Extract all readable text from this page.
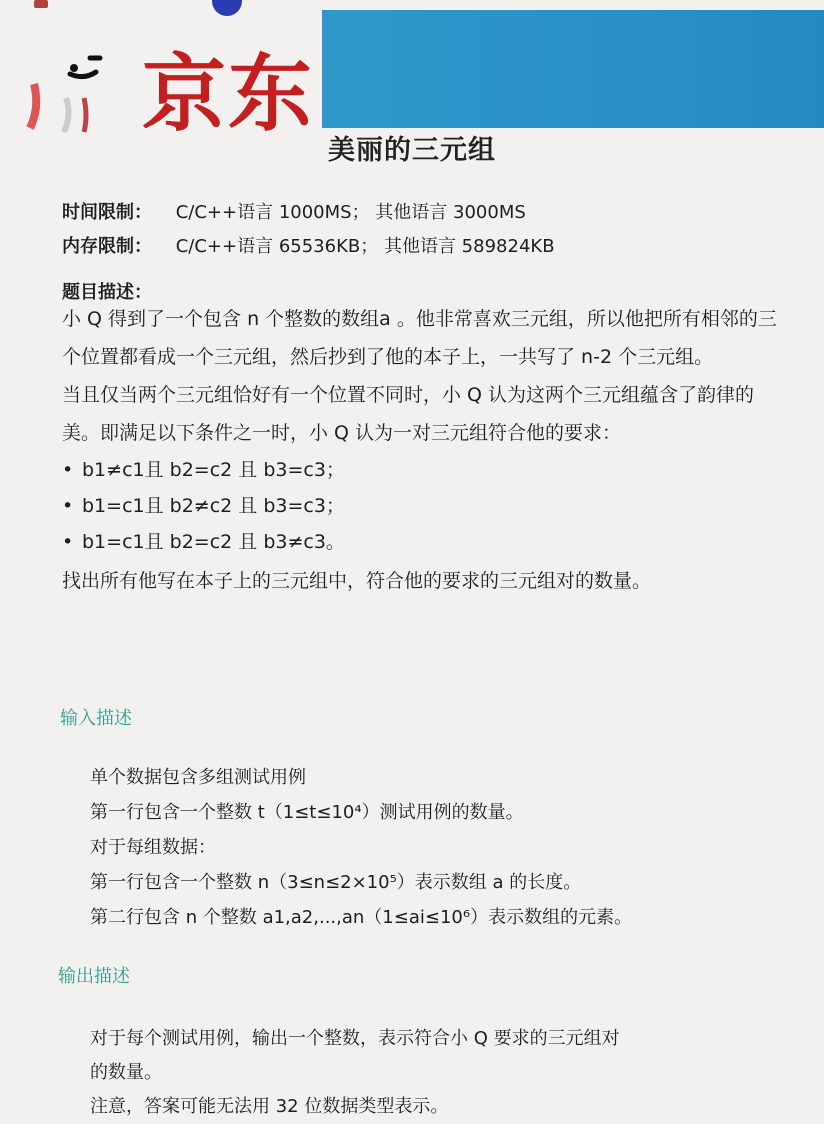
京东
美丽的三元组
时间限制： C/C++语言 1000MS； 其他语言 3000MS
内存限制： C/C++语言 65536KB； 其他语言 589824KB
题目描述：

小 Q 得到了一个包含 n 个整数的数组a 。他非常喜欢三元组，所以他把所有相邻的三个位置都看成一个三元组，然后抄到了他的本子上，一共写了 n-2 个三元组。

当且仅当两个三元组恰好有一个位置不同时，小 Q 认为这两个三元组蕴含了韵律的美。即满足以下条件之一时，小 Q 认为一对三元组符合他的要求：

• b1≠c1且 b2=c2 且 b3=c3；
• b1=c1且 b2≠c2 且 b3=c3；
• b1=c1且 b2=c2 且 b3≠c3。

找出所有他写在本子上的三元组中，符合他的要求的三元组对的数量。

输入描述
单个数据包含多组测试用例
第一行包含一个整数 t（1≤t≤10⁴）测试用例的数量。
对于每组数据：
第一行包含一个整数 n（3≤n≤2×10⁵）表示数组 a 的长度。
第二行包含 n 个整数 a1,a2,...,an（1≤ai≤10⁶）表示数组的元素。
输出描述
对于每个测试用例，输出一个整数，表示符合小 Q 要求的三元组对
的数量。
注意，答案可能无法用 32 位数据类型表示。
